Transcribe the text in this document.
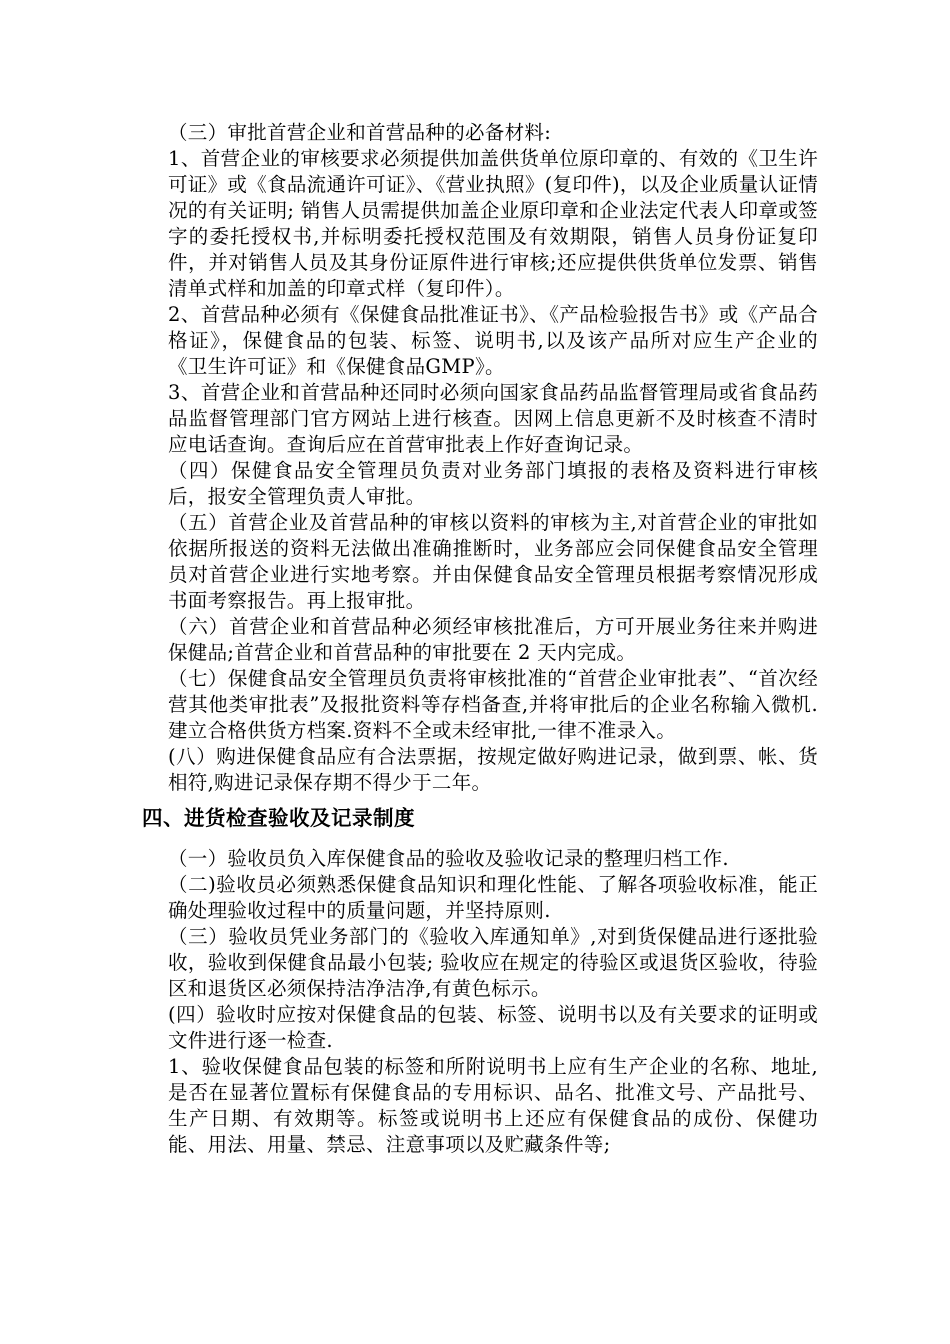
（三）审批首营企业和首营品种的必备材料:

1、首营企业的审核要求必须提供加盖供货单位原印章的、有效的《卫生许可证》或《食品流通许可证》、《营业执照》(复印件)，以及企业质量认证情况的有关证明; 销售人员需提供加盖企业原印章和企业法定代表人印章或签字的委托授权书,并标明委托授权范围及有效期限，销售人员身份证复印件，并对销售人员及其身份证原件进行审核;还应提供供货单位发票、销售清单式样和加盖的印章式样（复印件）。

2、首营品种必须有《保健食品批准证书》、《产品检验报告书》或《产品合格证》，保健食品的包装、标签、说明书,以及该产品所对应生产企业的《卫生许可证》和《保健食品GMP》。

3、首营企业和首营品种还同时必须向国家食品药品监督管理局或省食品药品监督管理部门官方网站上进行核查。因网上信息更新不及时核查不清时应电话查询。查询后应在首营审批表上作好查询记录。

（四）保健食品安全管理员负责对业务部门填报的表格及资料进行审核后，报安全管理负责人审批。

（五）首营企业及首营品种的审核以资料的审核为主,对首营企业的审批如依据所报送的资料无法做出准确推断时，业务部应会同保健食品安全管理员对首营企业进行实地考察。并由保健食品安全管理员根据考察情况形成书面考察报告。再上报审批。

（六）首营企业和首营品种必须经审核批准后，方可开展业务往来并购进保健品;首营企业和首营品种的审批要在 2 天内完成。

（七）保健食品安全管理员负责将审核批准的“首营企业审批表”、“首次经营其他类审批表”及报批资料等存档备查,并将审批后的企业名称输入微机.建立合格供货方档案.资料不全或未经审批,一律不准录入。

(八）购进保健食品应有合法票据，按规定做好购进记录，做到票、帐、货相符,购进记录保存期不得少于二年。

四、进货检查验收及记录制度

（一）验收员负入库保健食品的验收及验收记录的整理归档工作.

（二)验收员必须熟悉保健食品知识和理化性能、了解各项验收标准，能正确处理验收过程中的质量问题，并坚持原则.

（三）验收员凭业务部门的《验收入库通知单》,对到货保健品进行逐批验收，验收到保健食品最小包装; 验收应在规定的待验区或退货区验收，待验区和退货区必须保持洁净洁净,有黄色标示。

(四）验收时应按对保健食品的包装、标签、说明书以及有关要求的证明或文件进行逐一检查.

1、验收保健食品包装的标签和所附说明书上应有生产企业的名称、地址,是否在显著位置标有保健食品的专用标识、品名、批准文号、产品批号、生产日期、有效期等。标签或说明书上还应有保健食品的成份、保健功能、用法、用量、禁忌、注意事项以及贮藏条件等;
